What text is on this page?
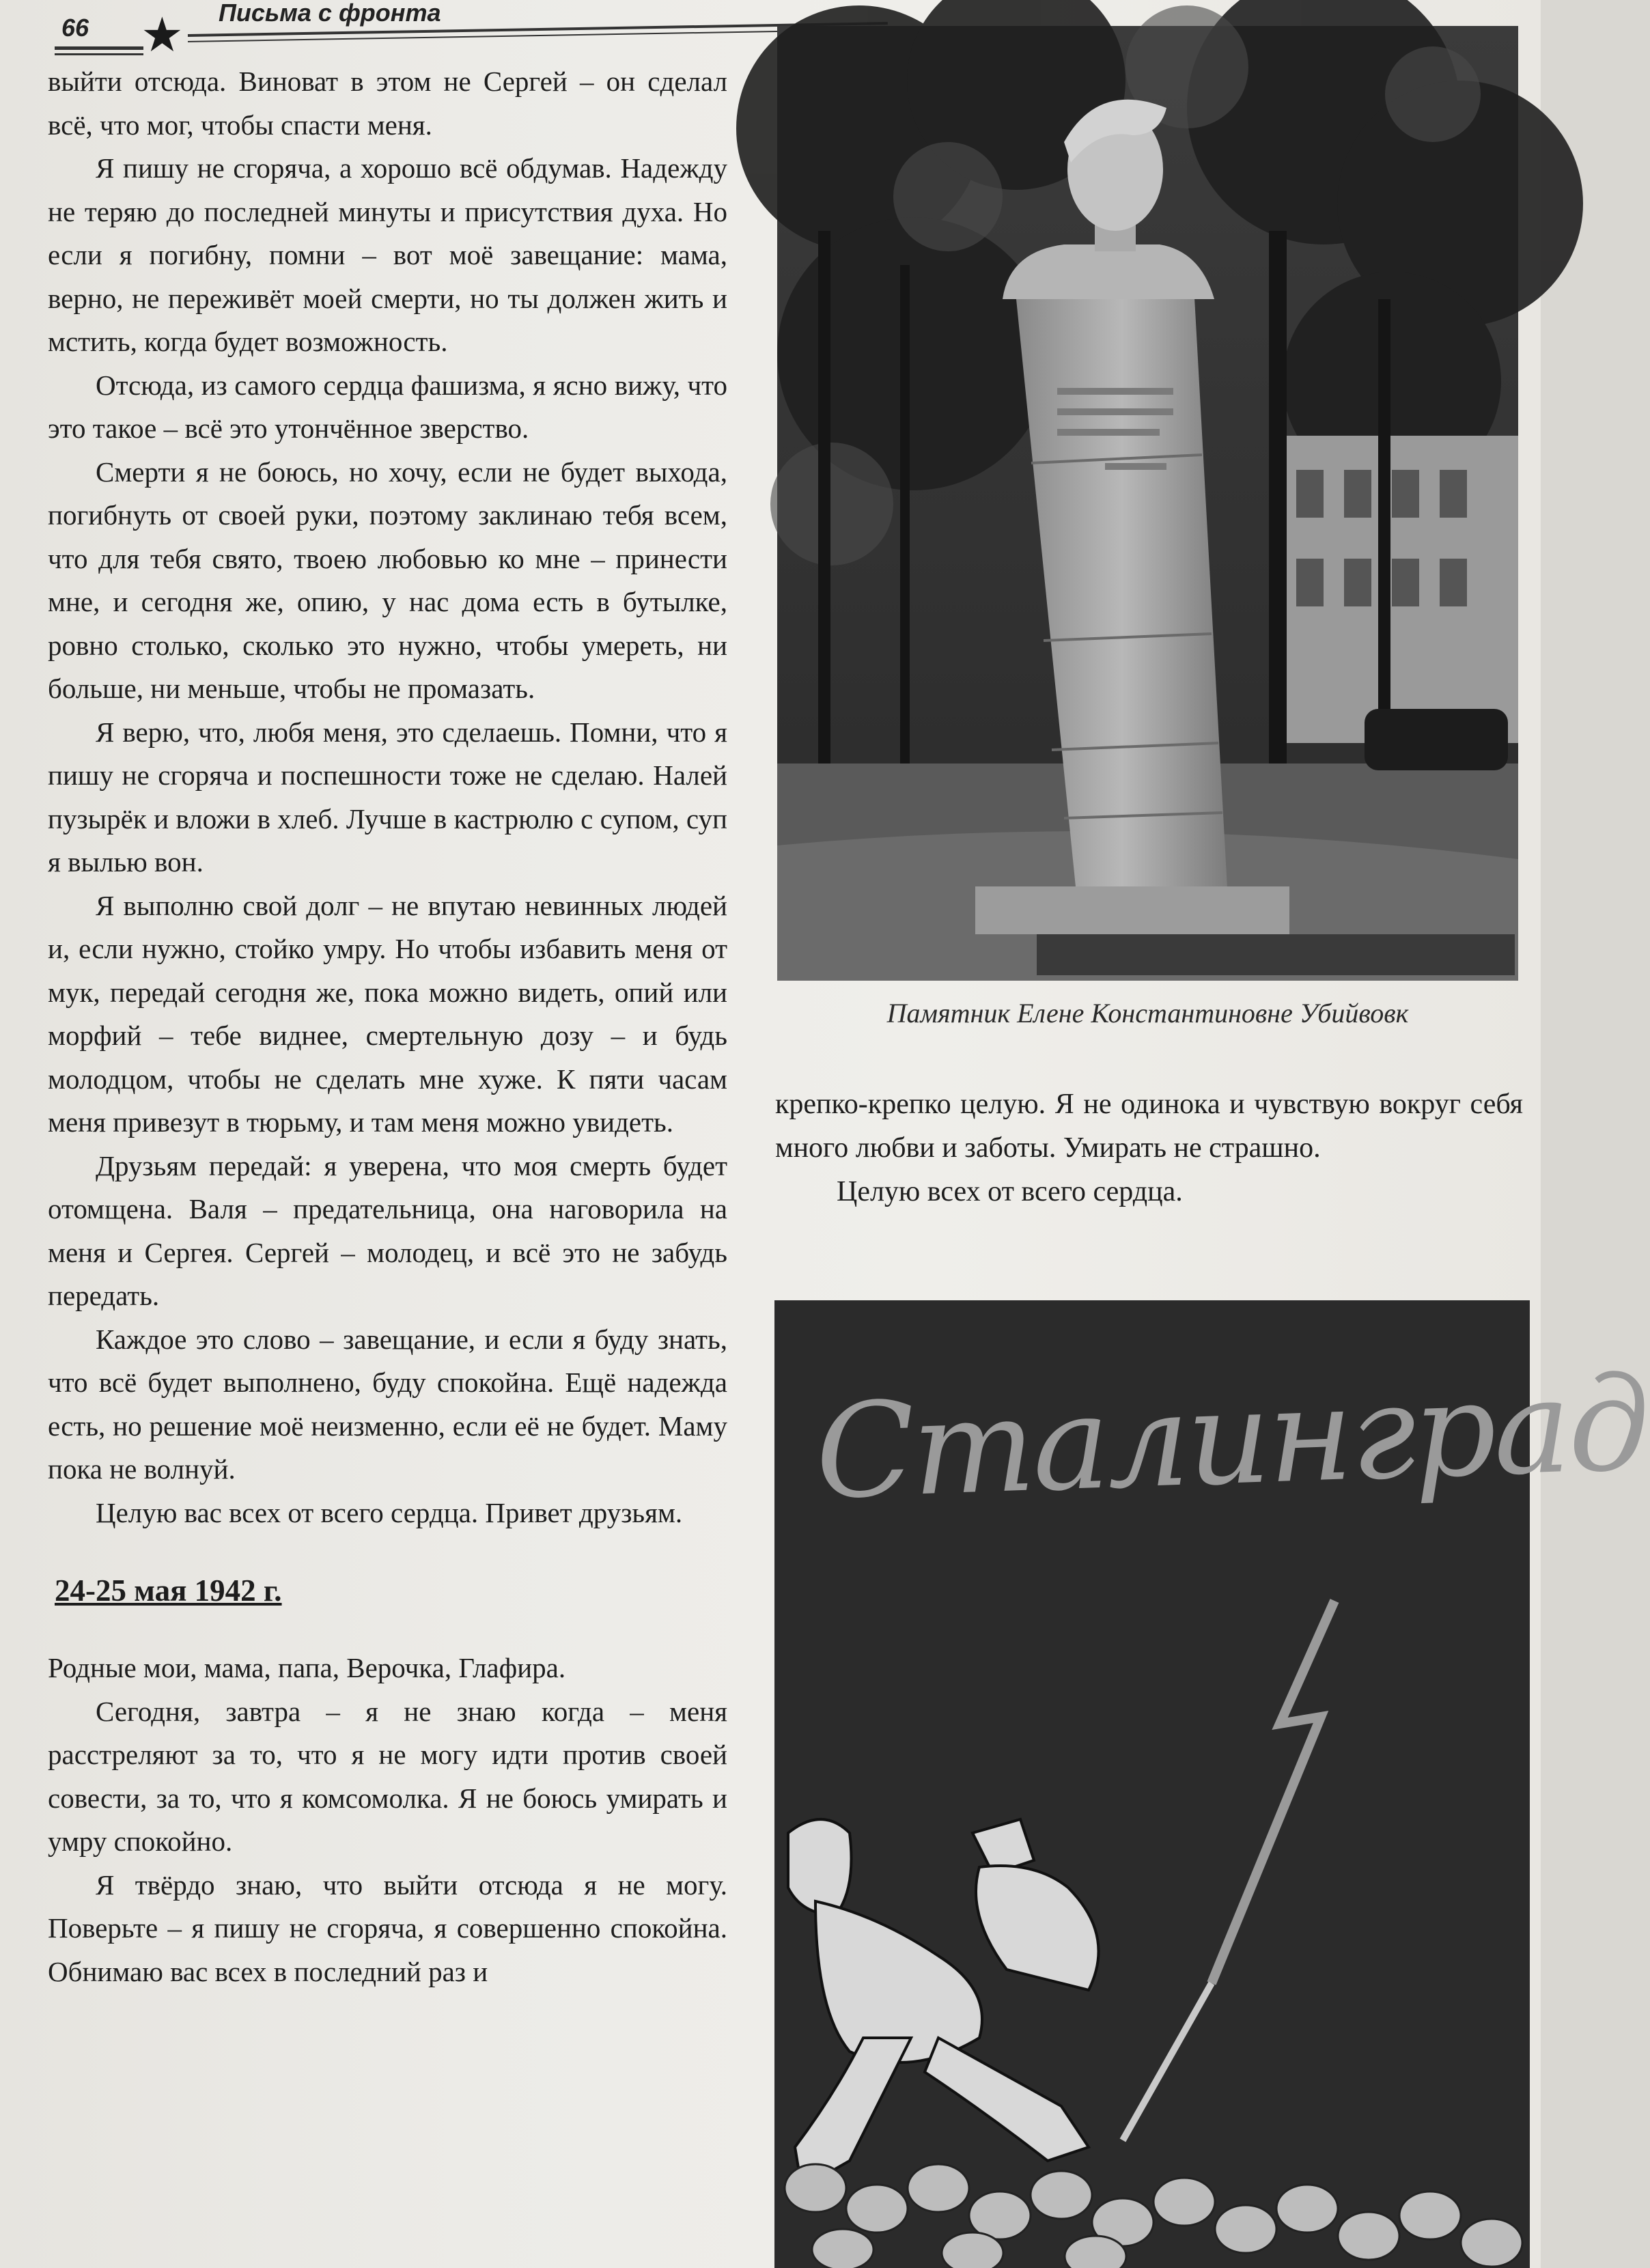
66 ★ Письма с фронта

выйти отсюда. Виноват в этом не Сергей – он сделал всё, что мог, чтобы спасти меня.

Я пишу не сгоряча, а хорошо всё обдумав. Надежду не теряю до последней минуты и присутствия духа. Но если я погибну, помни – вот моё завещание: мама, верно, не переживёт моей смерти, но ты должен жить и мстить, когда будет возможность.

Отсюда, из самого сердца фашизма, я ясно вижу, что это такое – всё это утончённое зверство.

Смерти я не боюсь, но хочу, если не будет выхода, погибнуть от своей руки, поэтому заклинаю тебя всем, что для тебя свято, твоею любовью ко мне – принести мне, и сегодня же, опию, у нас дома есть в бутылке, ровно столько, сколько это нужно, чтобы умереть, ни больше, ни меньше, чтобы не промазать.

Я верю, что, любя меня, это сделаешь. Помни, что я пишу не сгоряча и поспешности тоже не сделаю. Налей пузырёк и вложи в хлеб. Лучше в кастрюлю с супом, суп я вылью вон.

Я выполню свой долг – не впутаю невинных людей и, если нужно, стойко умру. Но чтобы избавить меня от мук, передай сегодня же, пока можно видеть, опий или морфий – тебе виднее, смертельную дозу – и будь молодцом, чтобы не сделать мне хуже. К пяти часам меня привезут в тюрьму, и там меня можно увидеть.

Друзьям передай: я уверена, что моя смерть будет отомщена. Валя – предательница, она наговорила на меня и Сергея. Сергей – молодец, и всё это не забудь передать.

Каждое это слово – завещание, и если я буду знать, что всё будет выполнено, буду спокойна. Ещё надежда есть, но решение моё неизменно, если её не будет. Маму пока не волнуй.

Целую вас всех от всего сердца. Привет друзьям.

24-25 мая 1942 г.

Родные мои, мама, папа, Верочка, Глафира.

Сегодня, завтра – я не знаю когда – меня расстреляют за то, что я не могу идти против своей совести, за то, что я комсомолка. Я не боюсь умирать и умру спокойно.

Я твёрдо знаю, что выйти отсюда я не могу. Поверьте – я пишу не сгоряча, я совершенно спокойна. Обнимаю вас всех в последний раз и

Памятник Елене Константиновне Убийвовк

крепко-крепко целую. Я не одинока и чувствую вокруг себя много любви и заботы. Умирать не страшно.

Целую всех от всего сердца.

Сталинград
